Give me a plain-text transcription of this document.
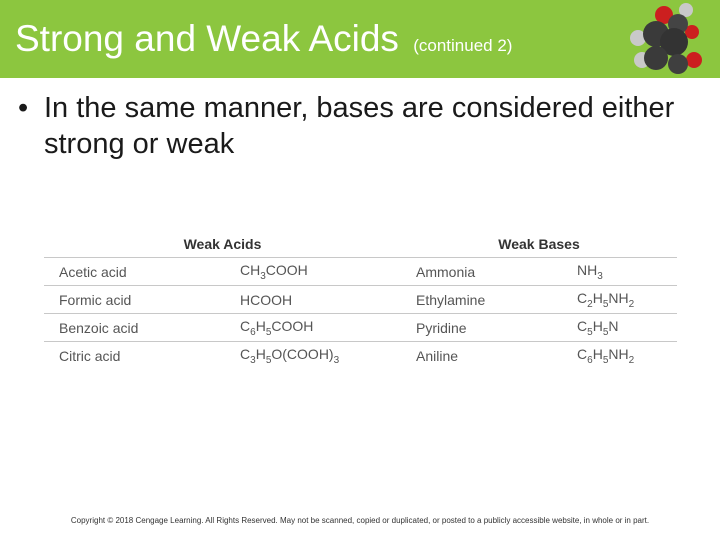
Strong and Weak Acids (continued 2)
• In the same manner, bases are considered either strong or weak
Weak Acids		Weak Bases	
Acetic acid	$CH_3COOH$	Ammonia	$NH_3$
Formic acid	HCOOH	Ethylamine	$C_2H_5NH_2$
Benzoic acid	$C_6H_5COOH$	Pyridine	$C_5H_5N$
Citric acid	$C_3H_5O(COOH)_3$	Aniline	$C_6H_5NH_2$
Copyright © 2018 Cengage Learning. All Rights Reserved. May not be scanned, copied or duplicated, or posted to a publicly accessible website, in whole or in part.
